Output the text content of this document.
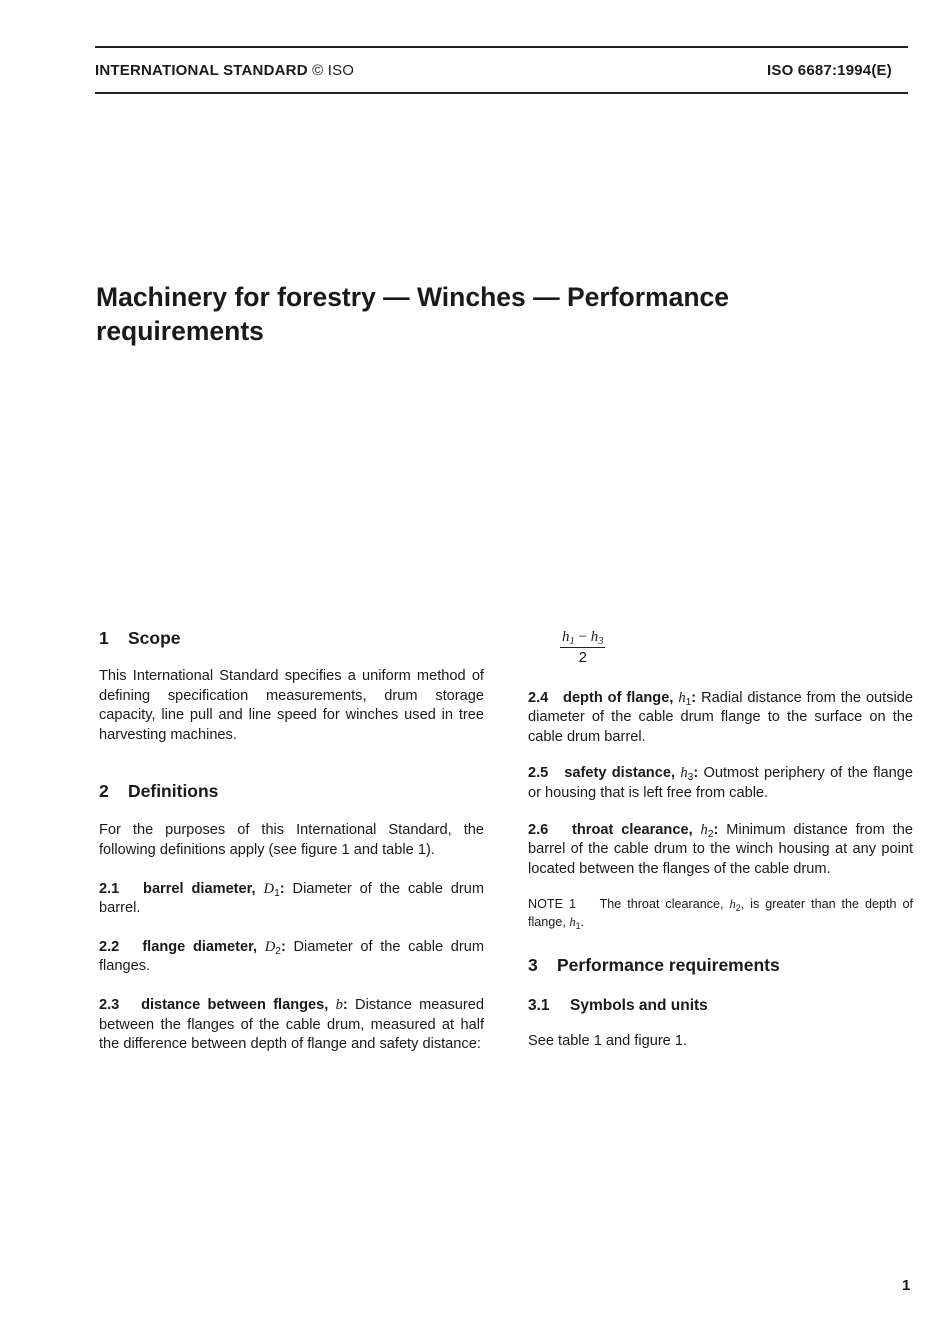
INTERNATIONAL STANDARD © ISO	ISO 6687:1994(E)
Machinery for forestry — Winches — Performance requirements
1 Scope

This International Standard specifies a uniform method of defining specification measurements, drum storage capacity, line pull and line speed for winches used in tree harvesting machines.

2 Definitions

For the purposes of this International Standard, the following definitions apply (see figure 1 and table 1).

2.1 barrel diameter, $D_1$: Diameter of the cable drum barrel.

2.2 flange diameter, $D_2$: Diameter of the cable drum flanges.

2.3 distance between flanges, b: Distance measured between the flanges of the cable drum, measured at half the difference between depth of flange and safety distance:

$\frac{h_1 - h_3}{2}$

2.4 depth of flange, $h_1$: Radial distance from the outside diameter of the cable drum flange to the surface on the cable drum barrel.

2.5 safety distance, $h_3$: Outmost periphery of the flange or housing that is left free from cable.

2.6 throat clearance, $h_2$: Minimum distance from the barrel of the cable drum to the winch housing at any point located between the flanges of the cable drum.

NOTE 1 The throat clearance, $h_2$, is greater than the depth of flange, $h_1$.

3 Performance requirements
3.1 Symbols and units

See table 1 and figure 1.

1
